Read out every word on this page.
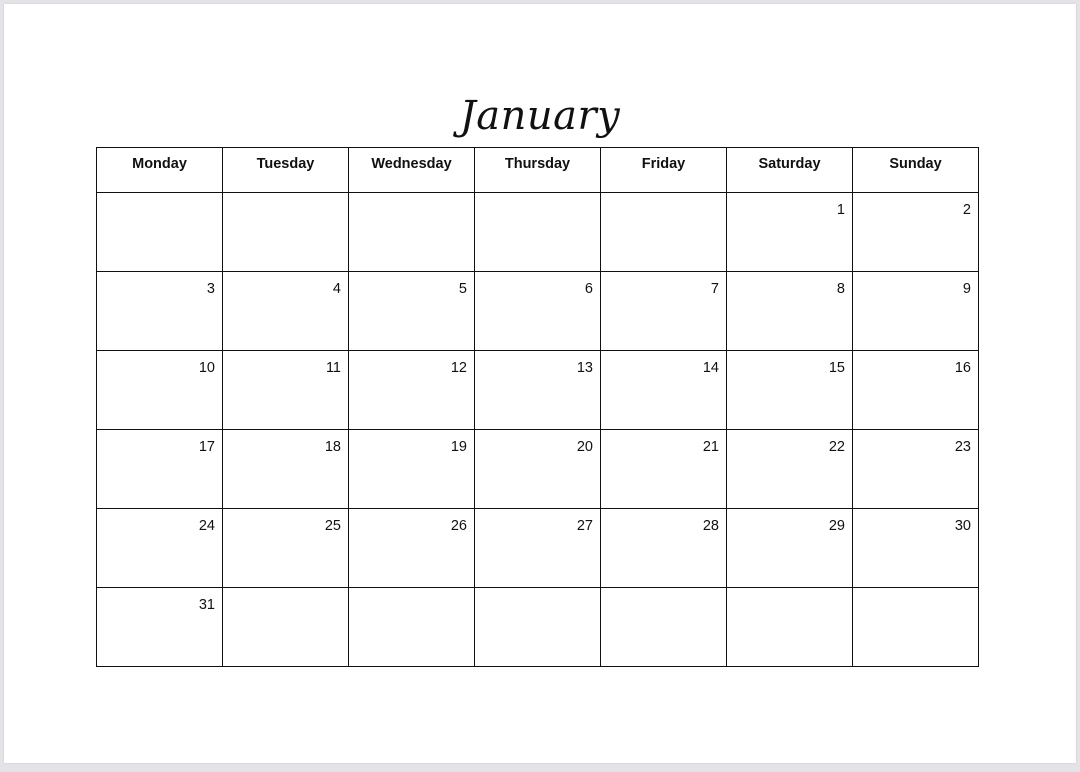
January
Monday	Tuesday	Wednesday	Thursday	Friday	Saturday	Sunday
					1	2
3	4	5	6	7	8	9
10	11	12	13	14	15	16
17	18	19	20	21	22	23
24	25	26	27	28	29	30
31						
